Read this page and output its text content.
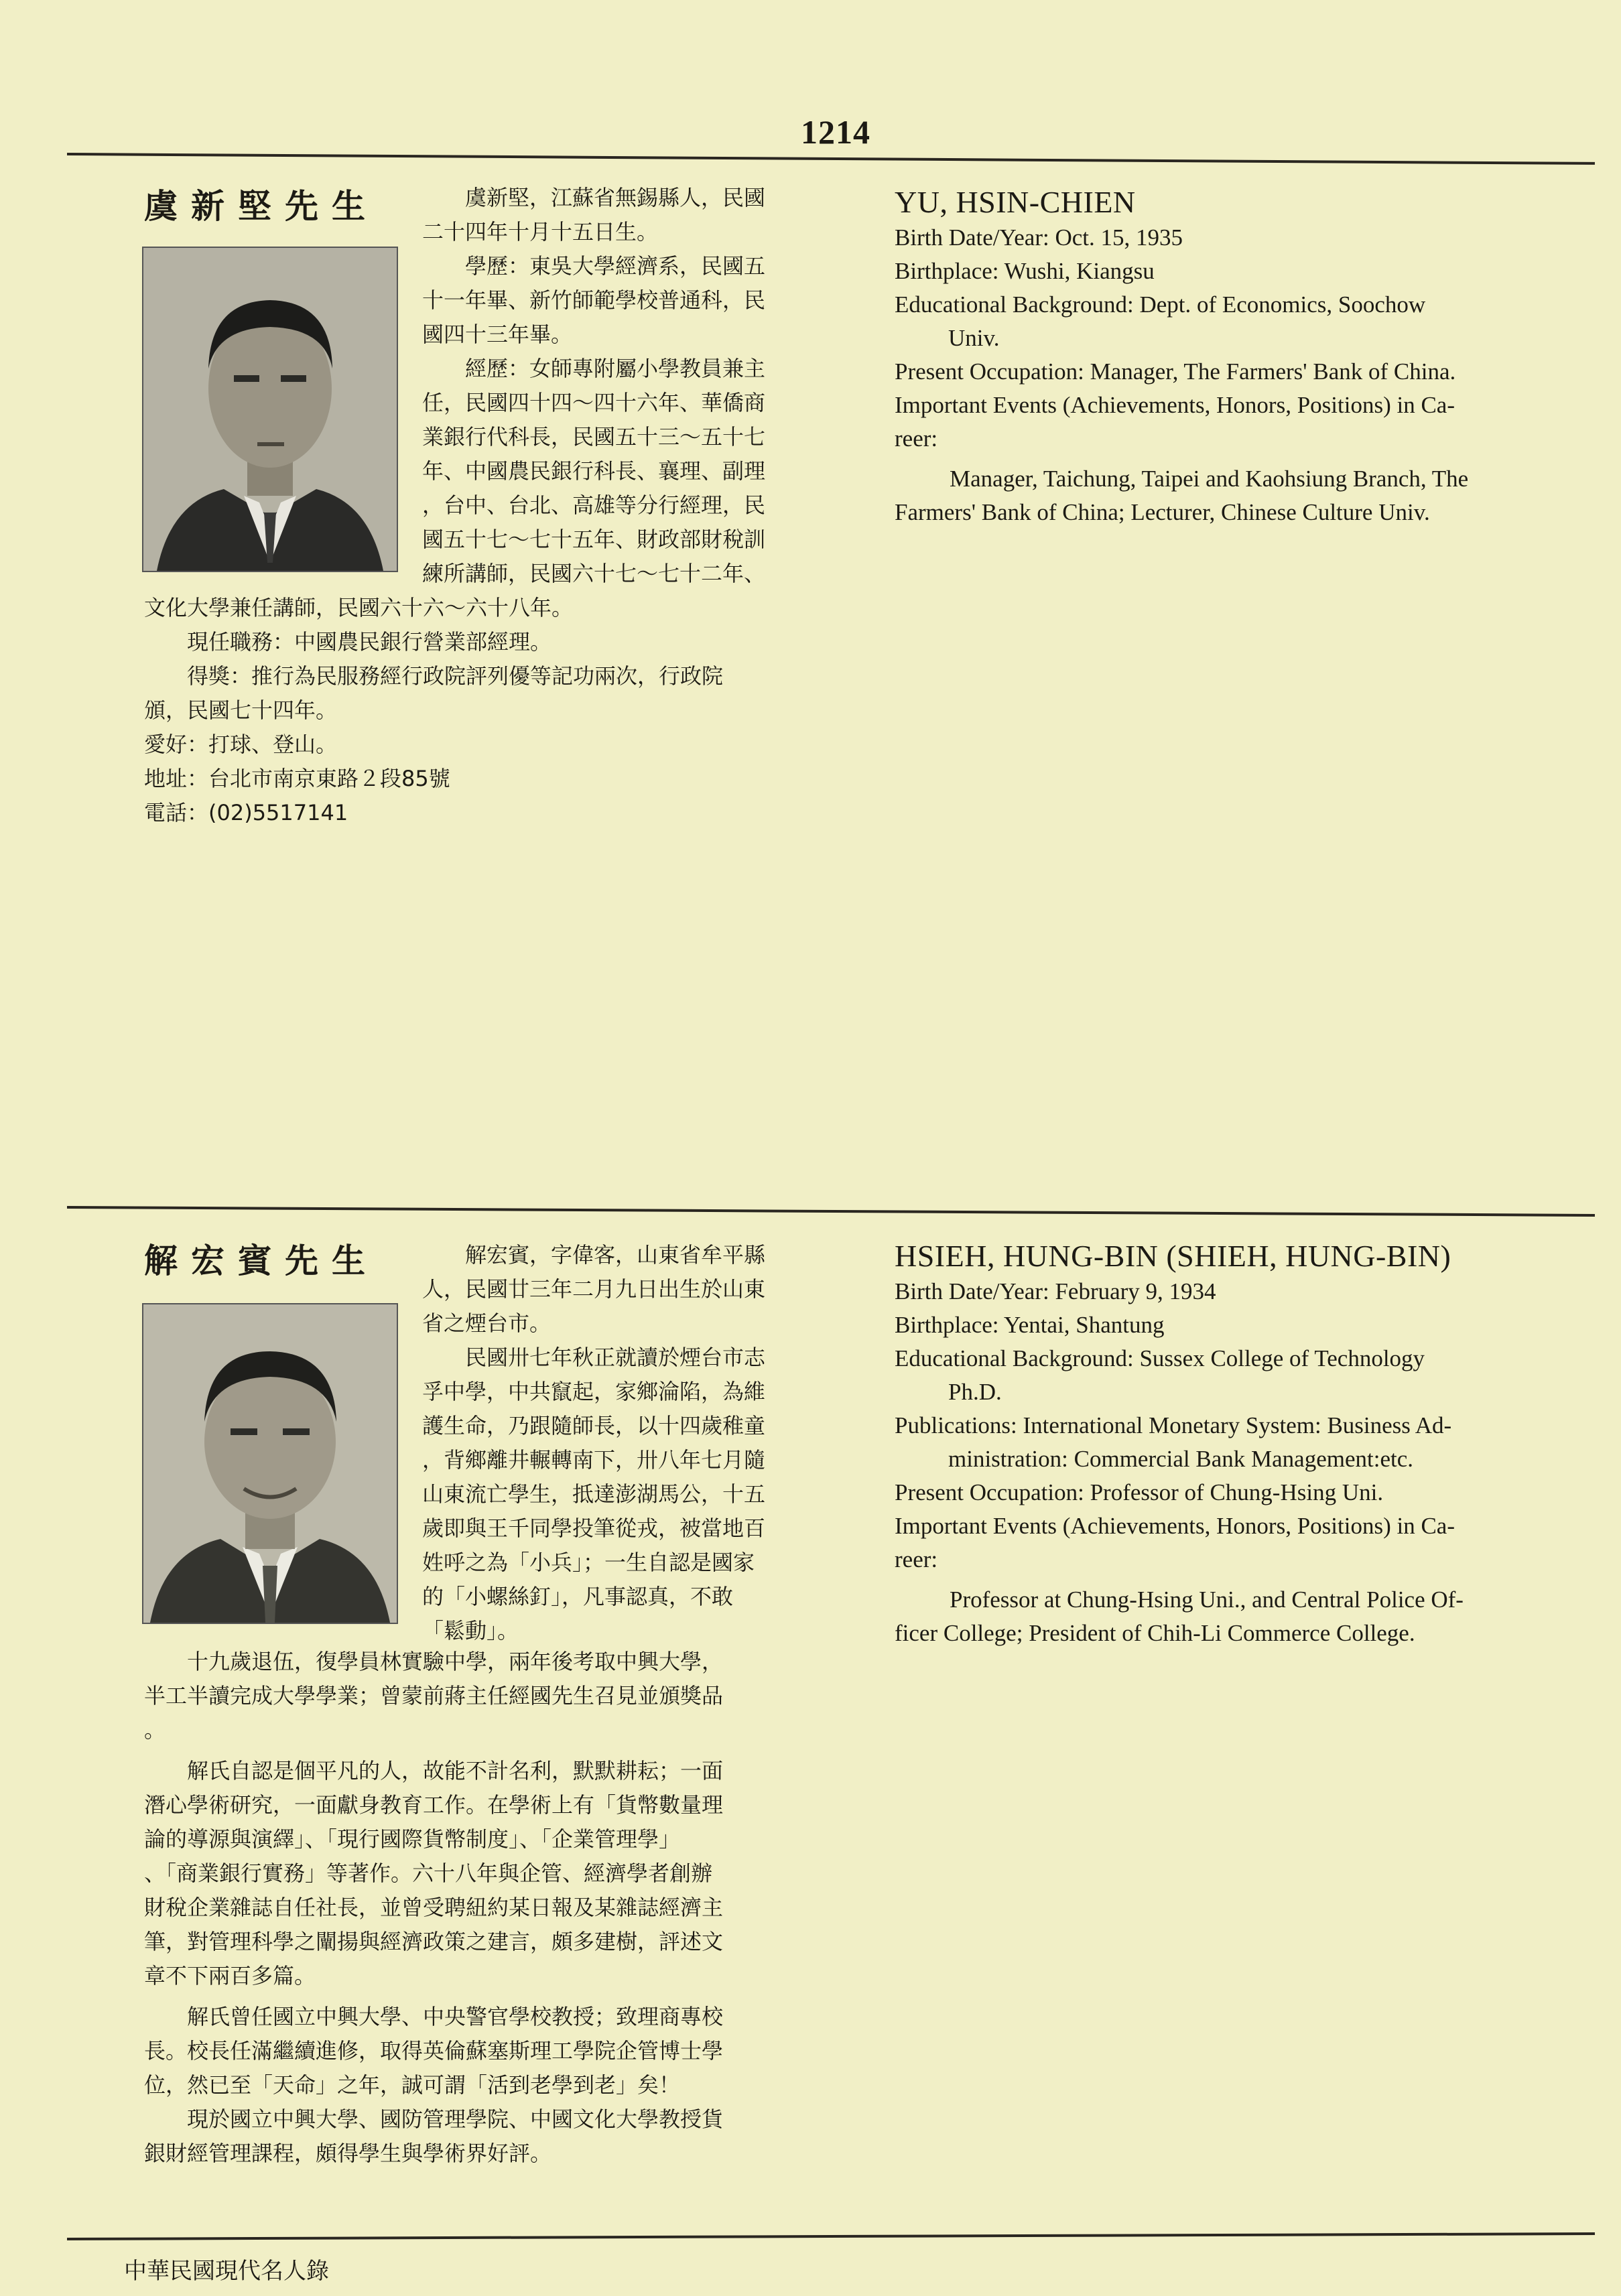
1214
虞新堅先生 　　虞新堅，江蘇省無錫縣人，民國
二十四年十月十五日生。
　　學歷：東吳大學經濟系，民國五
十一年畢、新竹師範學校普通科，民
國四十三年畢。
　　經歷：女師專附屬小學教員兼主
任，民國四十四～四十六年、華僑商
業銀行代科長，民國五十三～五十七
年、中國農民銀行科長、襄理、副理
，台中、台北、高雄等分行經理，民
國五十七～七十五年、財政部財稅訓
練所講師，民國六十七～七十二年、
文化大學兼任講師，民國六十六～六十八年。
　　現任職務：中國農民銀行營業部經理。
　　得獎：推行為民服務經行政院評列優等記功兩次，行政院
頒，民國七十四年。
愛好：打球、登山。
地址：台北市南京東路２段85號
電話：(02)5517141
YU, HSIN-CHIEN
Birth Date/Year: Oct. 15, 1935
Birthplace: Wushi, Kiangsu
Educational Background: Dept. of Economics, Soochow
Univ.
Present Occupation: Manager, The Farmers' Bank of China.
Important Events (Achievements, Honors, Positions) in Ca-
reer:
Manager, Taichung, Taipei and Kaohsiung Branch, The
Farmers' Bank of China; Lecturer, Chinese Culture Univ.
解宏賓先生 　　解宏賓，字偉客，山東省牟平縣
人，民國廿三年二月九日出生於山東
省之煙台市。
　　民國卅七年秋正就讀於煙台市志
孚中學，中共竄起，家鄉淪陷，為維
護生命，乃跟隨師長，以十四歲稚童
，背鄉離井輾轉南下，卅八年七月隨
山東流亡學生，抵達澎湖馬公，十五
歲即與王千同學投筆從戎，被當地百
姓呼之為「小兵」；一生自認是國家
的「小螺絲釘」，凡事認真，不敢
「鬆動」。
　　十九歲退伍，復學員林實驗中學，兩年後考取中興大學，
半工半讀完成大學學業；曾蒙前蔣主任經國先生召見並頒獎品
。
　　解氏自認是個平凡的人，故能不計名利，默默耕耘；一面
潛心學術研究，一面獻身教育工作。在學術上有「貨幣數量理
論的導源與演繹」、「現行國際貨幣制度」、「企業管理學」
、「商業銀行實務」等著作。六十八年與企管、經濟學者創辦
財稅企業雜誌自任社長，並曾受聘紐約某日報及某雜誌經濟主
筆，對管理科學之闡揚與經濟政策之建言，頗多建樹，評述文
章不下兩百多篇。
　　解氏曾任國立中興大學、中央警官學校教授；致理商專校
長。校長任滿繼續進修，取得英倫蘇塞斯理工學院企管博士學
位，然已至「天命」之年，誠可謂「活到老學到老」矣！
　　現於國立中興大學、國防管理學院、中國文化大學教授貨
銀財經管理課程，頗得學生與學術界好評。
HSIEH, HUNG-BIN (SHIEH, HUNG-BIN)
Birth Date/Year: February 9, 1934
Birthplace: Yentai, Shantung
Educational Background: Sussex College of Technology
Ph.D.
Publications: International Monetary System: Business Ad-
ministration: Commercial Bank Management:etc.
Present Occupation: Professor of Chung-Hsing Uni.
Important Events (Achievements, Honors, Positions) in Ca-
reer:
Professor at Chung-Hsing Uni., and Central Police Of-
ficer College; President of Chih-Li Commerce College.
中華民國現代名人錄
